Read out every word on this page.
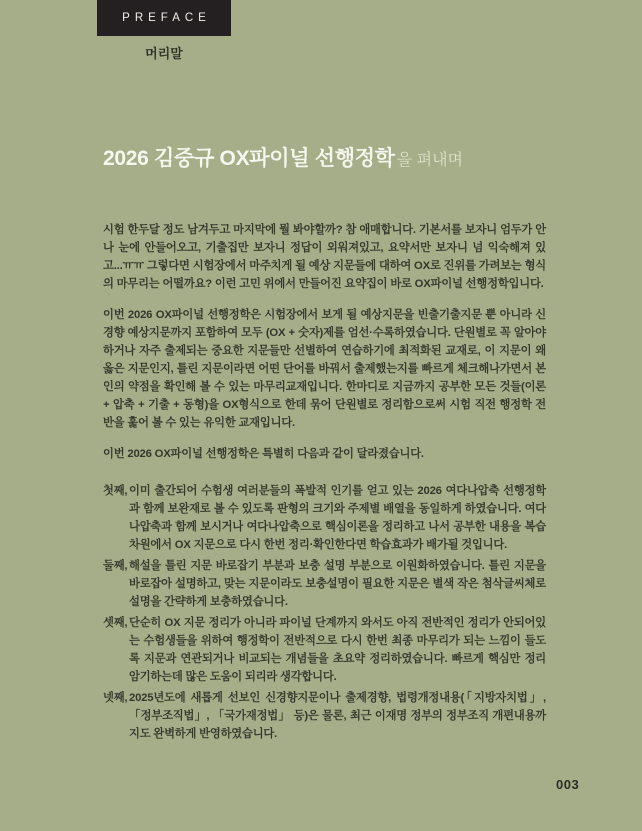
PREFACE
머리말
2026 김중규 OX파이널 선행정학 을 펴내며

시험 한두달 정도 남겨두고 마지막에 뭘 봐야할까? 참 애매합니다. 기본서를 보자니 엄두가 안나 눈에 안들어오고, 기출집만 보자니 정답이 외워져있고, 요약서만 보자니 넘 익숙해져 있고...ㅠㅠ 그렇다면 시험장에서 마주치게 될 예상 지문들에 대하여 OX로 진위를 가려보는 형식의 마무리는 어떨까요? 이런 고민 위에서 만들어진 요약집이 바로 OX파이널 선행정학입니다.

이번 2026 OX파이널 선행정학은 시험장에서 보게 될 예상지문을 빈출기출지문 뿐 아니라 신경향 예상지문까지 포함하여 모두 (OX + 숫자)제를 엄선·수록하였습니다. 단원별로 꼭 알아야 하거나 자주 출제되는 중요한 지문들만 선별하여 연습하기에 최적화된 교재로, 이 지문이 왜 옳은 지문인지, 틀린 지문이라면 어떤 단어를 바꿔서 출제했는지를 빠르게 체크해나가면서 본인의 약점을 확인해 볼 수 있는 마무리교재입니다. 한마디로 지금까지 공부한 모든 것들(이론 + 압축 + 기출 + 동형)을 OX형식으로 한데 묶어 단원별로 정리함으로써 시험 직전 행정학 전반을 훑어 볼 수 있는 유익한 교재입니다.

이번 2026 OX파이널 선행정학은 특별히 다음과 같이 달라졌습니다.

첫째, 이미 출간되어 수험생 여러분들의 폭발적 인기를 얻고 있는 2026 여다나압축 선행정학과 함께 보완재로 볼 수 있도록 판형의 크기와 주제별 배열을 동일하게 하였습니다. 여다나압축과 함께 보시거나 여다나압축으로 핵심이론을 정리하고 나서 공부한 내용을 복습차원에서 OX 지문으로 다시 한번 정리·확인한다면 학습효과가 배가될 것입니다.
둘째, 해설을 틀린 지문 바로잡기 부분과 보충 설명 부분으로 이원화하였습니다. 틀린 지문을 바로잡아 설명하고, 맞는 지문이라도 보충설명이 필요한 지문은 별색 작은 첨삭글씨체로 설명을 간략하게 보충하였습니다.
셋째, 단순히 OX 지문 정리가 아니라 파이널 단계까지 와서도 아직 전반적인 정리가 안되어있는 수험생들을 위하여 행정학이 전반적으로 다시 한번 최종 마무리가 되는 느낌이 들도록 지문과 연관되거나 비교되는 개념들을 초요약 정리하였습니다. 빠르게 핵심만 정리 암기하는데 많은 도움이 되리라 생각합니다.
넷째, 2025년도에 새롭게 선보인 신경향지문이나 출제경향, 법령개정내용(「지방자치법」, 「정부조직법」, 「국가재정법」 등)은 물론, 최근 이재명 정부의 정부조직 개편내용까지도 완벽하게 반영하였습니다.
003
